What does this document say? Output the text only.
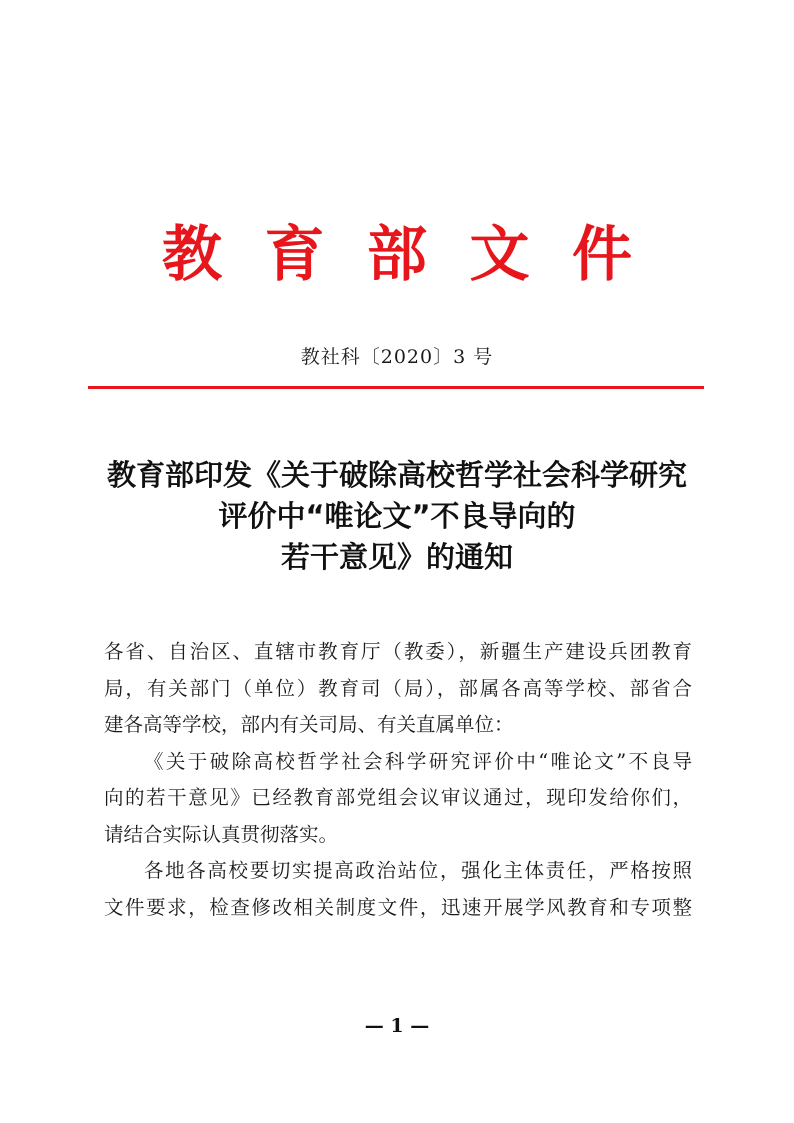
教 育 部 文 件
教社科〔2020〕3 号
教育部印发《关于破除高校哲学社会科学研究
评价中“唯论文”不良导向的
若干意见》的通知
各省、自治区、直辖市教育厅（教委），新疆生产建设兵团教育
局，有关部门（单位）教育司（局），部属各高等学校、部省合
建各高等学校，部内有关司局、有关直属单位：
《关于破除高校哲学社会科学研究评价中“唯论文”不良导
向的若干意见》已经教育部党组会议审议通过，现印发给你们，
请结合实际认真贯彻落实。
各地各高校要切实提高政治站位，强化主体责任，严格按照
文件要求，检查修改相关制度文件，迅速开展学风教育和专项整
— 1 —
